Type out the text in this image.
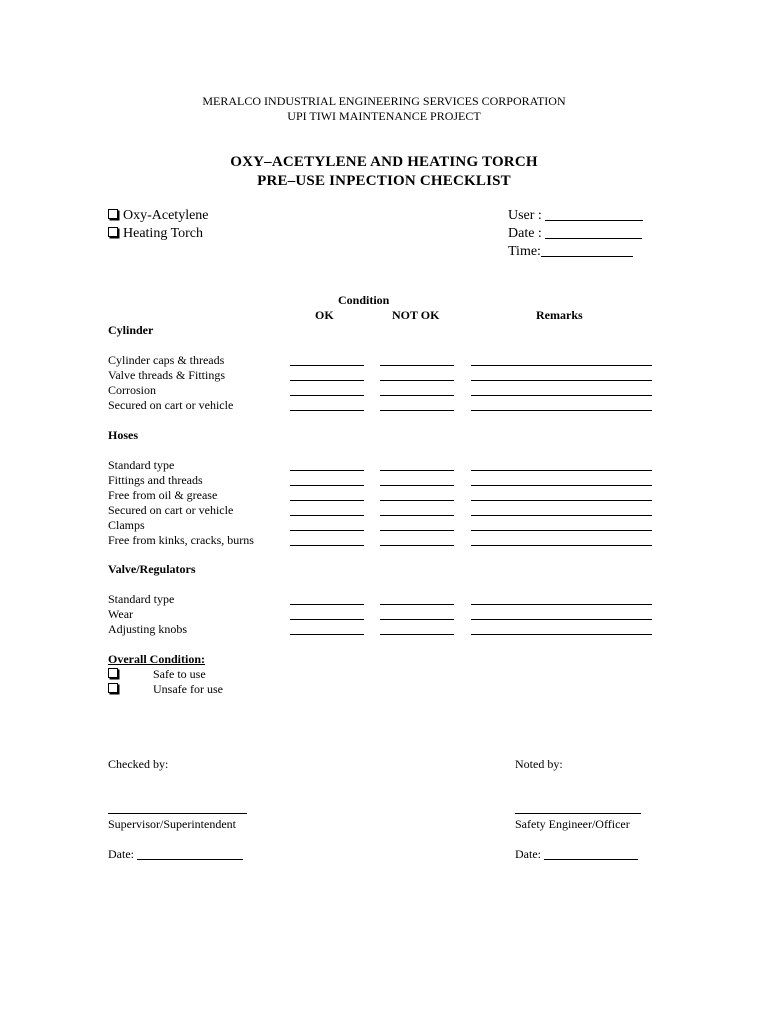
MERALCO INDUSTRIAL ENGINEERING SERVICES CORPORATION
UPI TIWI MAINTENANCE PROJECT
OXY–ACETYLENE AND HEATING TORCH
PRE–USE INPECTION CHECKLIST
Oxy-Acetylene
Heating Torch
User :
Date :
Time:
Condition
OK	NOT OK	Remarks
Cylinder
Cylinder caps & threads
Valve threads & Fittings
Corrosion
Secured on cart or vehicle
Hoses
Standard type
Fittings and threads
Free from oil & grease
Secured on cart or vehicle
Clamps
Free from kinks, cracks, burns
Valve/Regulators
Standard type
Wear
Adjusting knobs
Overall Condition:
Safe to use
Unsafe for use
Checked by:
Supervisor/Superintendent
Date:
Noted by:
Safety Engineer/Officer
Date:
